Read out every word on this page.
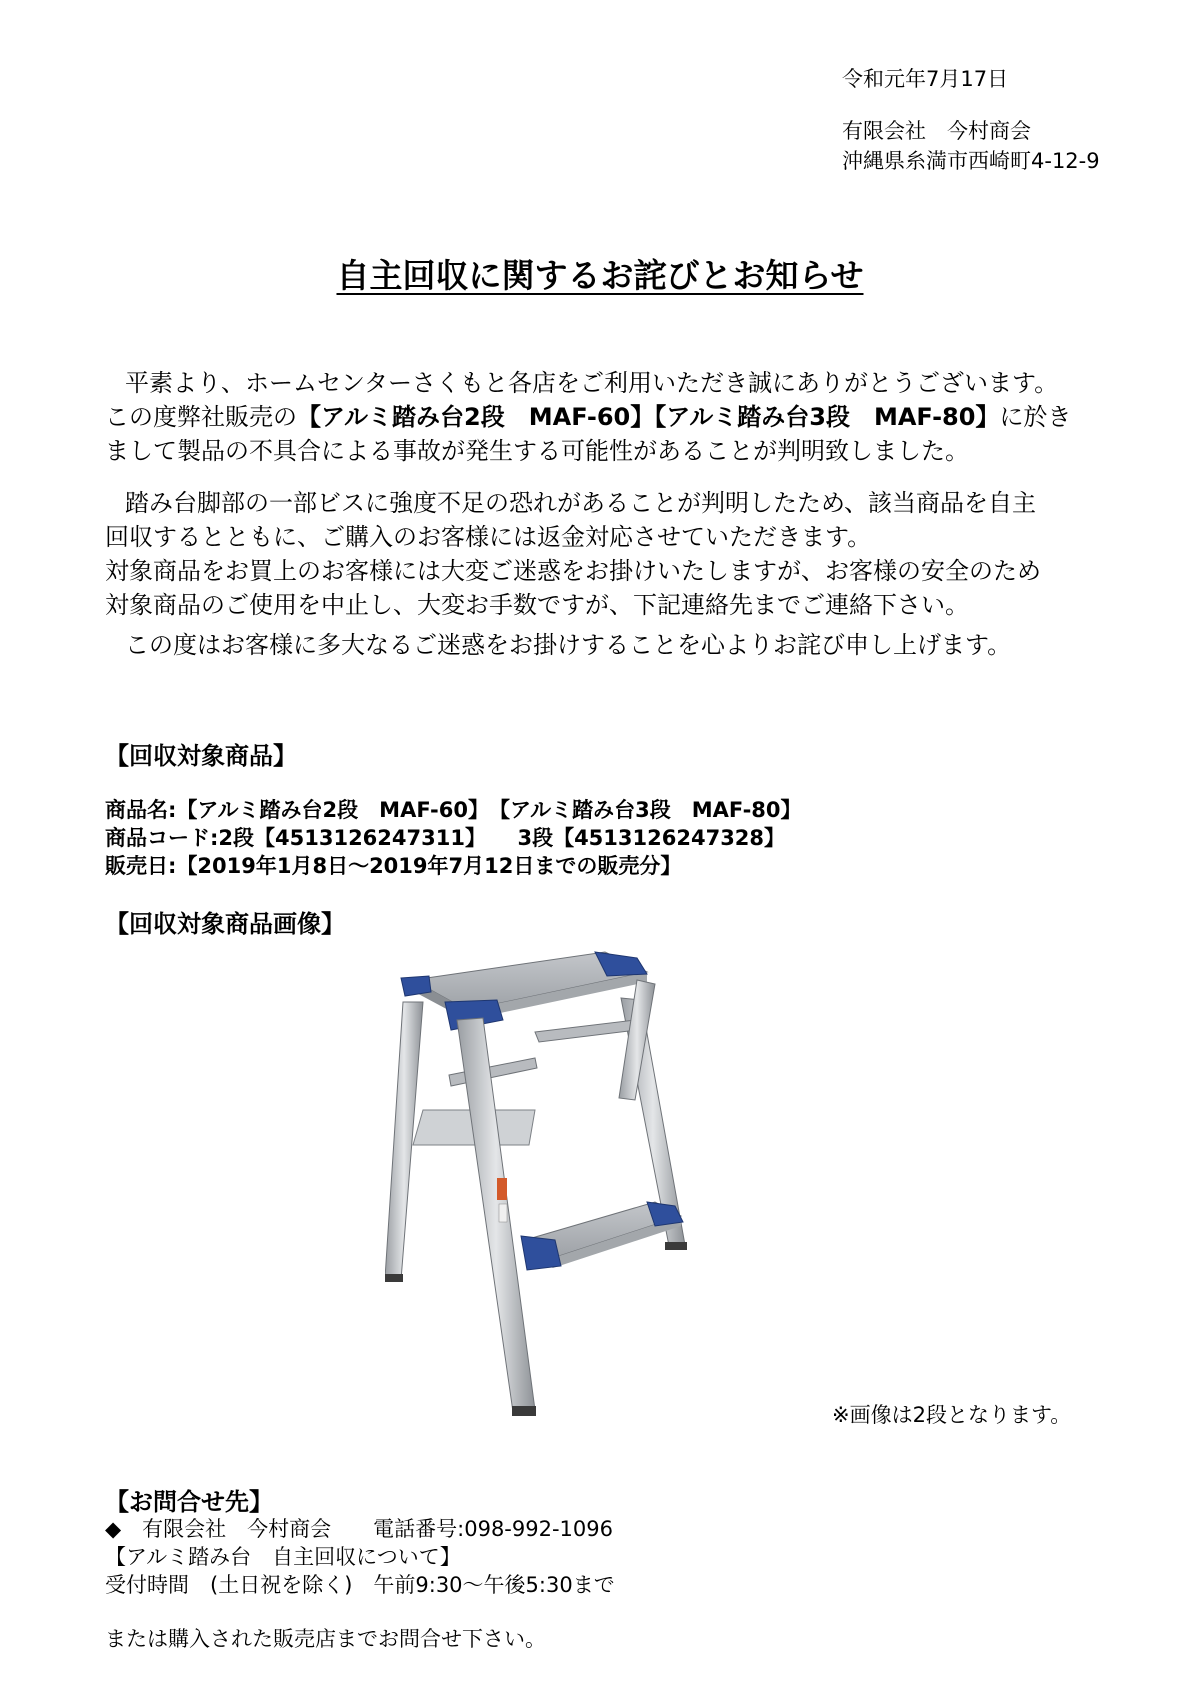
令和元年7月17日
有限会社　今村商会
沖縄県糸満市西崎町4-12-9
自主回収に関するお詫びとお知らせ
平素より、ホームセンターさくもと各店をご利用いただき誠にありがとうございます。
この度弊社販売の【アルミ踏み台2段　MAF-60】【アルミ踏み台3段　MAF-80】に於き
まして製品の不具合による事故が発生する可能性があることが判明致しました。
踏み台脚部の一部ビスに強度不足の恐れがあることが判明したため、該当商品を自主
回収するとともに、ご購入のお客様には返金対応させていただきます。
対象商品をお買上のお客様には大変ご迷惑をお掛けいたしますが、お客様の安全のため
対象商品のご使用を中止し、大変お手数ですが、下記連絡先までご連絡下さい。
この度はお客様に多大なるご迷惑をお掛けすることを心よりお詫び申し上げます。
【回収対象商品】
商品名:【アルミ踏み台2段　MAF-60】　【アルミ踏み台3段　MAF-80】
商品コード:2段【4513126247311】　　3段【4513126247328】
販売日:【2019年1月8日～2019年7月12日までの販売分】
【回収対象商品画像】
※画像は2段となります。
【お問合せ先】
◆　有限会社　今村商会　　電話番号:098-992-1096
【アルミ踏み台　自主回収について】
受付時間　(土日祝を除く)　午前9:30～午後5:30まで
または購入された販売店までお問合せ下さい。
